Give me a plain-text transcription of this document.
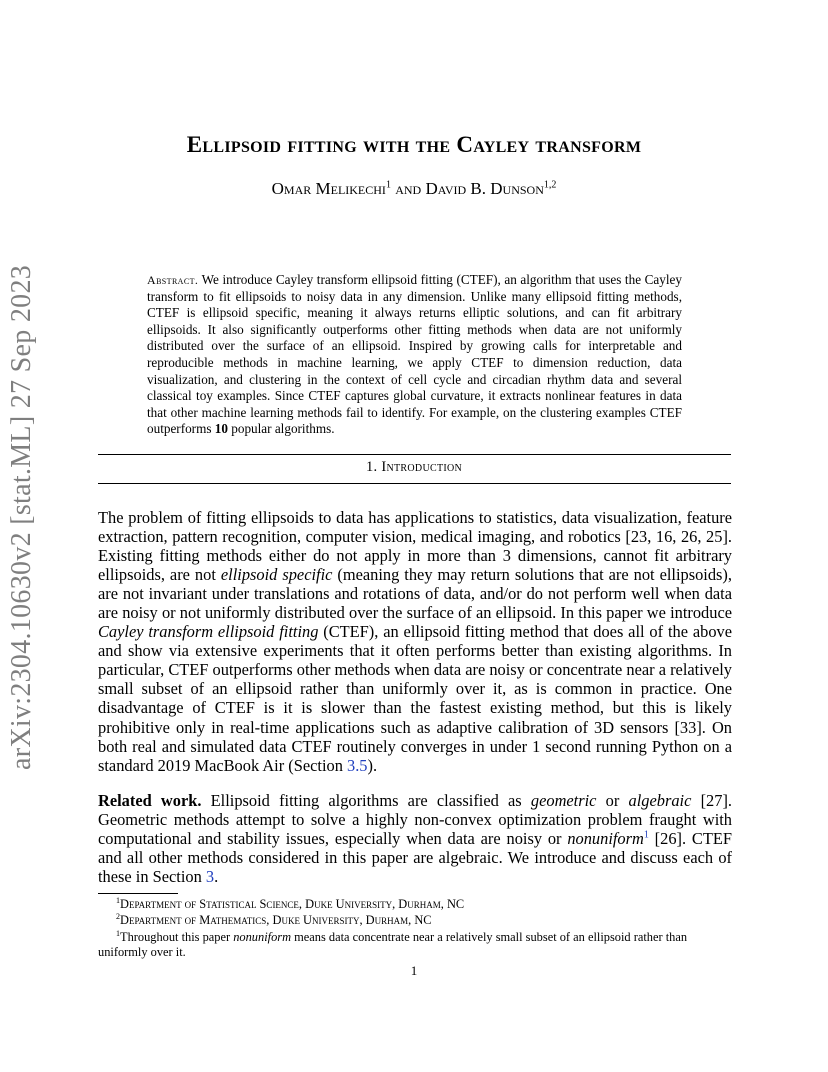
arXiv:2304.10630v2 [stat.ML] 27 Sep 2023
Ellipsoid fitting with the Cayley transform
Omar Melikechi$^1$ and David B. Dunson$^{1,2}$
Abstract. We introduce Cayley transform ellipsoid fitting (CTEF), an algorithm that uses the Cayley transform to fit ellipsoids to noisy data in any dimension. Unlike many ellipsoid fitting methods, CTEF is ellipsoid specific, meaning it always returns elliptic solutions, and can fit arbitrary ellipsoids. It also significantly outperforms other fitting methods when data are not uniformly distributed over the surface of an ellipsoid. Inspired by growing calls for interpretable and reproducible methods in machine learning, we apply CTEF to dimension reduction, data visualization, and clustering in the context of cell cycle and circadian rhythm data and several classical toy examples. Since CTEF captures global curvature, it extracts nonlinear features in data that other machine learning methods fail to identify. For example, on the clustering examples CTEF outperforms 10 popular algorithms.
1. Introduction
The problem of fitting ellipsoids to data has applications to statistics, data visualization, feature extraction, pattern recognition, computer vision, medical imaging, and robotics [23, 16, 26, 25]. Existing fitting methods either do not apply in more than 3 dimensions, cannot fit arbitrary ellipsoids, are not ellipsoid specific (meaning they may return solutions that are not ellipsoids), are not invariant under translations and rotations of data, and/or do not perform well when data are noisy or not uniformly distributed over the surface of an ellipsoid. In this paper we introduce Cayley transform ellipsoid fitting (CTEF), an ellipsoid fitting method that does all of the above and show via extensive experiments that it often performs better than existing algorithms. In particular, CTEF outperforms other methods when data are noisy or concentrate near a relatively small subset of an ellipsoid rather than uniformly over it, as is common in practice. One disadvantage of CTEF is it is slower than the fastest existing method, but this is likely prohibitive only in real-time applications such as adaptive calibration of 3D sensors [33]. On both real and simulated data CTEF routinely converges in under 1 second running Python on a standard 2019 MacBook Air (Section 3.5).
Related work. Ellipsoid fitting algorithms are classified as geometric or algebraic [27]. Geometric methods attempt to solve a highly non-convex optimization problem fraught with computational and stability issues, especially when data are noisy or nonuniform$^1$ [26]. CTEF and all other methods considered in this paper are algebraic. We introduce and discuss each of these in Section 3.
$^1$Department of Statistical Science, Duke University, Durham, NC
$^2$Department of Mathematics, Duke University, Durham, NC
$^1$Throughout this paper nonuniform means data concentrate near a relatively small subset of an ellipsoid rather than uniformly over it.
1
